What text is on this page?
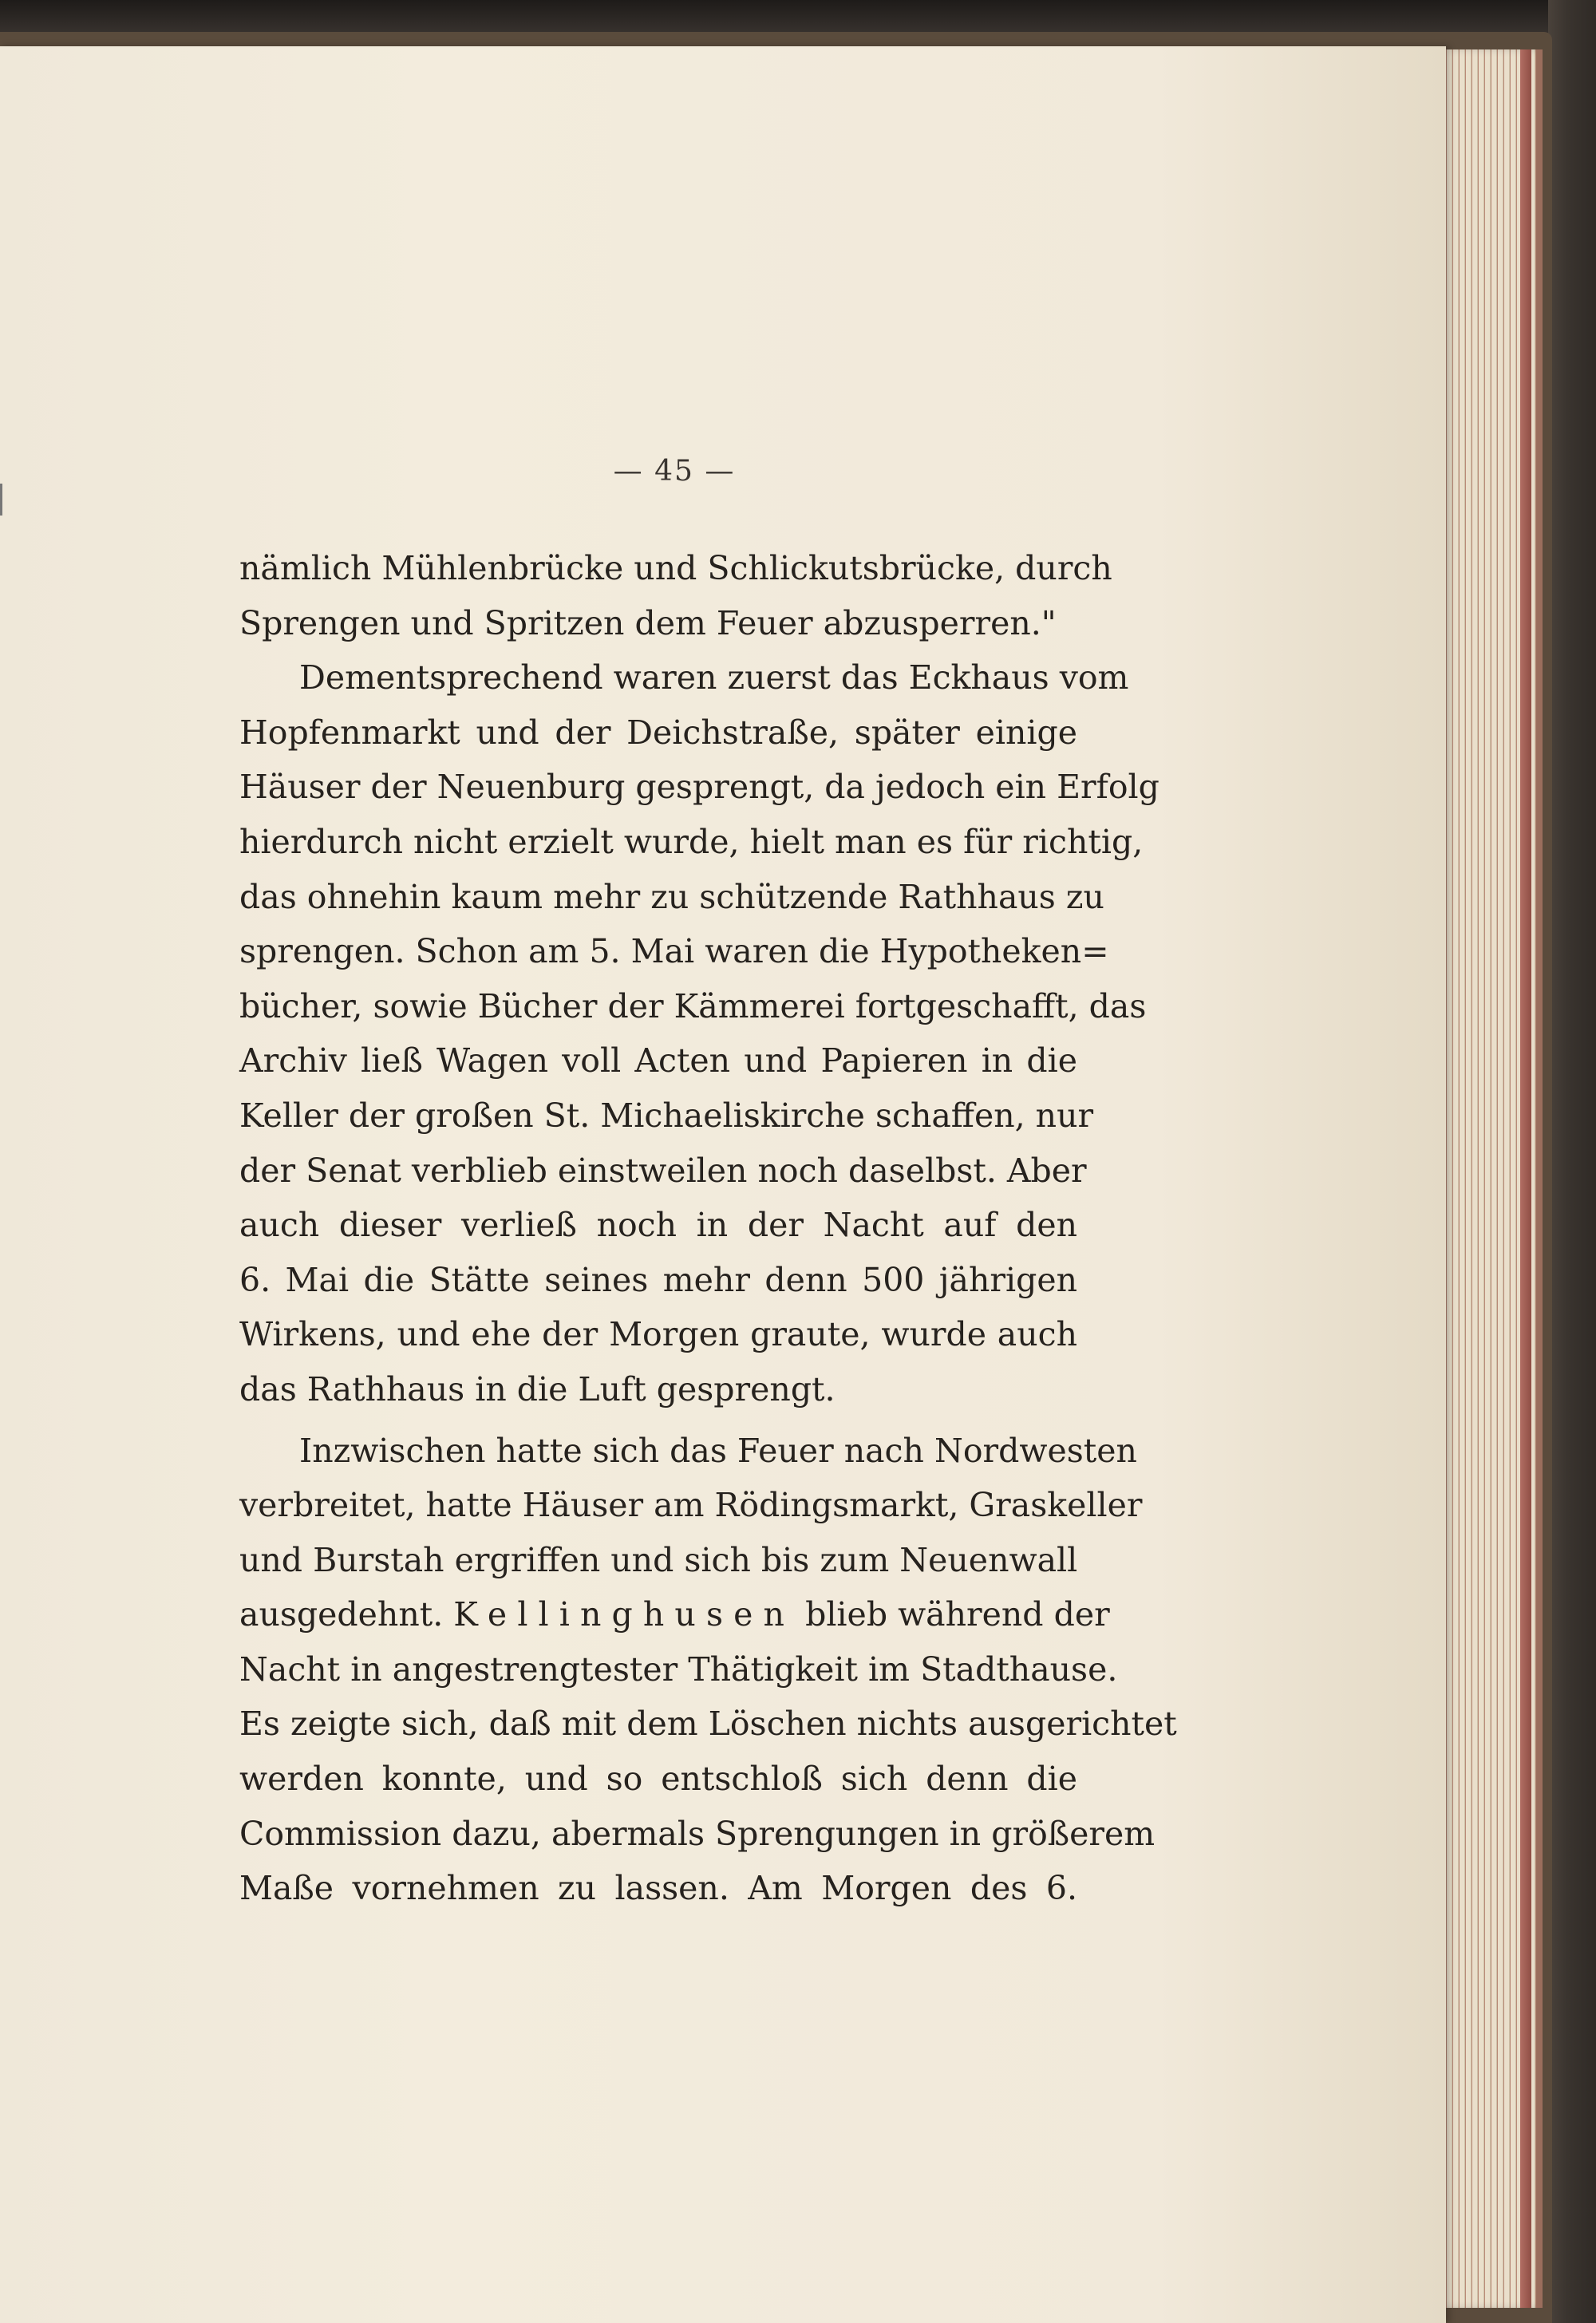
— 45 —
nämlich Mühlenbrücke und Schlickutsbrücke, durch
Sprengen und Spritzen dem Feuer abzusperren."
Dementsprechend waren zuerst das Eckhaus vom
Hopfenmarkt und der Deichstraße, später einige
Häuser der Neuenburg gesprengt, da jedoch ein Erfolg
hierdurch nicht erzielt wurde, hielt man es für richtig,
das ohnehin kaum mehr zu schützende Rathhaus zu
sprengen. Schon am 5. Mai waren die Hypotheken=
bücher, sowie Bücher der Kämmerei fortgeschafft, das
Archiv ließ Wagen voll Acten und Papieren in die
Keller der großen St. Michaeliskirche schaffen, nur
der Senat verblieb einstweilen noch daselbst. Aber
auch dieser verließ noch in der Nacht auf den
6. Mai die Stätte seines mehr denn 500 jährigen
Wirkens, und ehe der Morgen graute, wurde auch
das Rathhaus in die Luft gesprengt.
Inzwischen hatte sich das Feuer nach Nordwesten
verbreitet, hatte Häuser am Rödingsmarkt, Graskeller
und Burstah ergriffen und sich bis zum Neuenwall
ausgedehnt. Kellinghusen blieb während der
Nacht in angestrengtester Thätigkeit im Stadthause.
Es zeigte sich, daß mit dem Löschen nichts ausgerichtet
werden konnte, und so entschloß sich denn die
Commission dazu, abermals Sprengungen in größerem
Maße vornehmen zu lassen. Am Morgen des 6.
